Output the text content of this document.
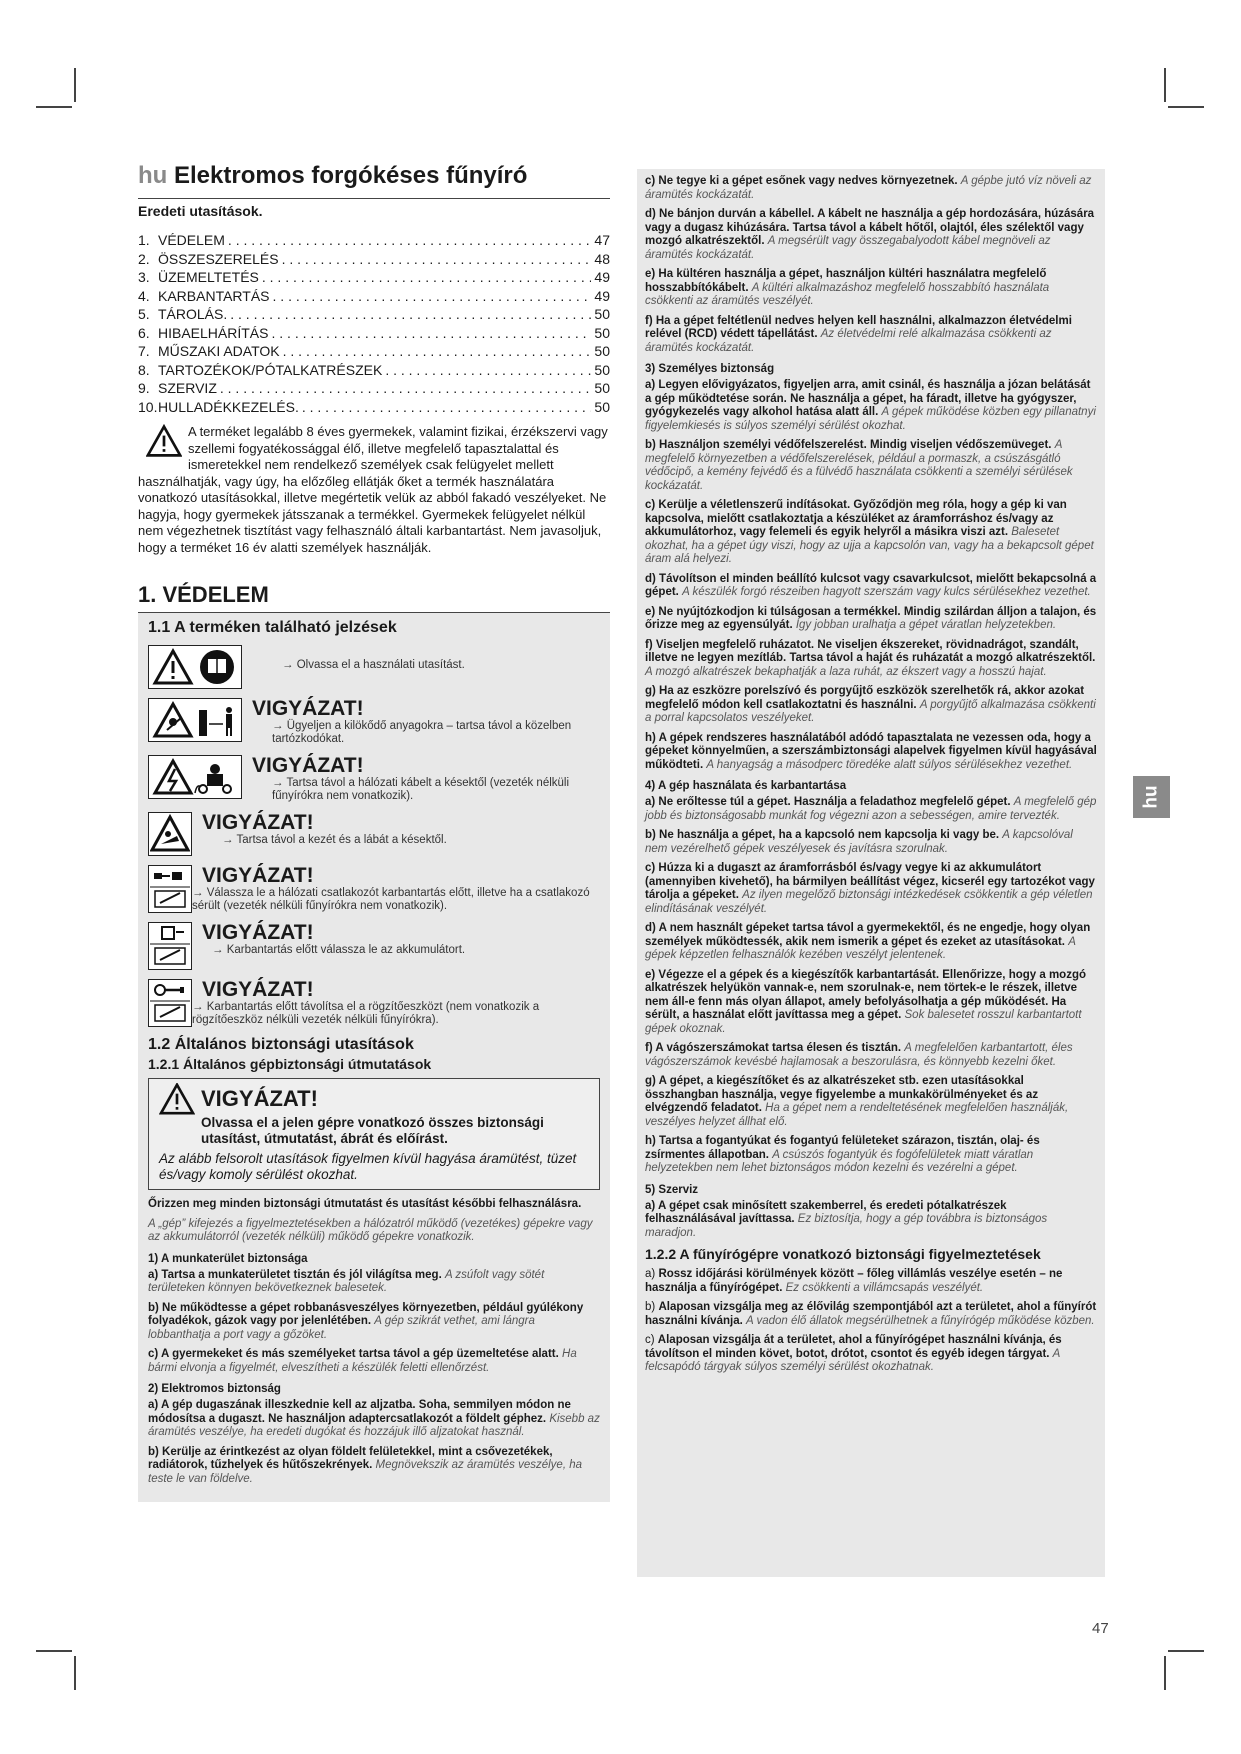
hu
47
hu Elektromos forgókéses fűnyíró
Eredeti utasítások.
1. VÉDELEM . . .	47
2. ÖSSZESZERELÉS . . .	48
3. ÜZEMELTETÉS . . .	49
4. KARBANTARTÁS . . .	49
5. TÁROLÁS. . . .	50
6. HIBAELHÁRÍTÁS . . .	50
7. MŰSZAKI ADATOK . . .	50
8. TARTOZÉKOK/PÓTALKATRÉSZEK . . .	50
9. SZERVIZ . . .	50
10. HULLADÉKKEZELÉS. . . .	50
A terméket legalább 8 éves gyermekek, valamint fizikai, érzékszervi vagy szellemi fogyatékossággal élő, illetve megfelelő tapasztalattal és ismeretekkel nem rendelkező személyek csak felügyelet mellett használhatják, vagy úgy, ha előzőleg ellátják őket a termék használatára vonatkozó utasításokkal, illetve megértetik velük az abból fakadó veszélyeket. Ne hagyja, hogy gyermekek játsszanak a termékkel. Gyermekek felügyelet nélkül nem végezhetnek tisztítást vagy felhasználó általi karbantartást. Nem javasoljuk, hogy a terméket 16 év alatti személyek használják.
1. VÉDELEM
1.1 A terméken található jelzések
→ Olvassa el a használati utasítást.
VIGYÁZAT!
→ Ügyeljen a kilökődő anyagokra – tartsa távol a közelben tartózkodókat.
VIGYÁZAT!
→ Tartsa távol a hálózati kábelt a késektől (vezeték nélküli fűnyírókra nem vonatkozik).
VIGYÁZAT!
→ Tartsa távol a kezét és a lábát a késektől.
VIGYÁZAT!
→ Válassza le a hálózati csatlakozót karbantartás előtt, illetve ha a csatlakozó sérült (vezeték nélküli fűnyírókra nem vonatkozik).
VIGYÁZAT!
→ Karbantartás előtt válassza le az akkumulátort.
VIGYÁZAT!
→ Karbantartás előtt távolítsa el a rögzítőeszközt (nem vonatkozik a rögzítőeszköz nélküli vezeték nélküli fűnyírókra).
1.2 Általános biztonsági utasítások
1.2.1 Általános gépbiztonsági útmutatások
VIGYÁZAT!
Olvassa el a jelen gépre vonatkozó összes biztonsági utasítást, útmutatást, ábrát és előírást.
Az alább felsorolt utasítások figyelmen kívül hagyása áramütést, tüzet és/vagy komoly sérülést okozhat.

Őrizzen meg minden biztonsági útmutatást és utasítást későbbi felhasználásra.

A „gép” kifejezés a figyelmeztetésekben a hálózatról működő (vezetékes) gépekre vagy az akkumulátorról (vezeték nélküli) működő gépekre vonatkozik.

1) A munkaterület biztonsága

a) Tartsa a munkaterületet tisztán és jól világítsa meg. A zsúfolt vagy sötét területeken könnyen bekövetkeznek balesetek.

b) Ne működtesse a gépet robbanásveszélyes környezetben, például gyúlékony folyadékok, gázok vagy por jelenlétében. A gép szikrát vethet, ami lángra lobbanthatja a port vagy a gőzöket.

c) A gyermekeket és más személyeket tartsa távol a gép üzemeltetése alatt. Ha bármi elvonja a figyelmét, elveszítheti a készülék feletti ellenőrzést.

2) Elektromos biztonság

a) A gép dugaszának illeszkednie kell az aljzatba. Soha, semmilyen módon ne módosítsa a dugaszt. Ne használjon adaptercsatlakozót a földelt géphez. Kisebb az áramütés veszélye, ha eredeti dugókat és hozzájuk illő aljzatokat használ.

b) Kerülje az érintkezést az olyan földelt felületekkel, mint a csővezetékek, radiátorok, tűzhelyek és hűtőszekrények. Megnövekszik az áramütés veszélye, ha teste le van földelve.

c) Ne tegye ki a gépet esőnek vagy nedves környezetnek. A gépbe jutó víz növeli az áramütés kockázatát.

d) Ne bánjon durván a kábellel. A kábelt ne használja a gép hordozására, húzására vagy a dugasz kihúzására. Tartsa távol a kábelt hőtől, olajtól, éles szélektől vagy mozgó alkatrészektől. A megsérült vagy összegabalyodott kábel megnöveli az áramütés kockázatát.

e) Ha kültéren használja a gépet, használjon kültéri használatra megfelelő hosszabbítókábelt. A kültéri alkalmazáshoz megfelelő hosszabbító használata csökkenti az áramütés veszélyét.

f) Ha a gépet feltétlenül nedves helyen kell használni, alkalmazzon életvédelmi relével (RCD) védett tápellátást. Az életvédelmi relé alkalmazása csökkenti az áramütés kockázatát.

3) Személyes biztonság

a) Legyen elővigyázatos, figyeljen arra, amit csinál, és használja a józan belátását a gép működtetése során. Ne használja a gépet, ha fáradt, illetve ha gyógyszer, gyógykezelés vagy alkohol hatása alatt áll. A gépek működése közben egy pillanatnyi figyelemkiesés is súlyos személyi sérülést okozhat.

b) Használjon személyi védőfelszerelést. Mindig viseljen védőszemüveget. A megfelelő környezetben a védőfelszerelések, például a pormaszk, a csúszásgátló védőcipő, a kemény fejvédő és a fülvédő használata csökkenti a személyi sérülések kockázatát.

c) Kerülje a véletlenszerű indításokat. Győződjön meg róla, hogy a gép ki van kapcsolva, mielőtt csatlakoztatja a készüléket az áramforráshoz és/vagy az akkumulátorhoz, vagy felemeli és egyik helyről a másikra viszi azt. Balesetet okozhat, ha a gépet úgy viszi, hogy az ujja a kapcsolón van, vagy ha a bekapcsolt gépet áram alá helyezi.

d) Távolítson el minden beállító kulcsot vagy csavarkulcsot, mielőtt bekapcsolná a gépet. A készülék forgó részeiben hagyott szerszám vagy kulcs sérülésekhez vezethet.

e) Ne nyújtózkodjon ki túlságosan a termékkel. Mindig szilárdan álljon a talajon, és őrizze meg az egyensúlyát. Így jobban uralhatja a gépet váratlan helyzetekben.

f) Viseljen megfelelő ruházatot. Ne viseljen ékszereket, rövidnadrágot, szandált, illetve ne legyen mezítláb. Tartsa távol a haját és ruházatát a mozgó alkatrészektől. A mozgó alkatrészek bekaphatják a laza ruhát, az ékszert vagy a hosszú hajat.

g) Ha az eszközre porelszívó és porgyűjtő eszközök szerelhetők rá, akkor azokat megfelelő módon kell csatlakoztatni és használni. A porgyűjtő alkalmazása csökkenti a porral kapcsolatos veszélyeket.

h) A gépek rendszeres használatából adódó tapasztalata ne vezessen oda, hogy a gépeket könnyelműen, a szerszámbiztonsági alapelvek figyelmen kívül hagyásával működteti. A hanyagság a másodperc töredéke alatt súlyos sérülésekhez vezethet.

4) A gép használata és karbantartása

a) Ne erőltesse túl a gépet. Használja a feladathoz megfelelő gépet. A megfelelő gép jobb és biztonságosabb munkát fog végezni azon a sebességen, amire tervezték.

b) Ne használja a gépet, ha a kapcsoló nem kapcsolja ki vagy be. A kapcsolóval nem vezérelhető gépek veszélyesek és javításra szorulnak.

c) Húzza ki a dugaszt az áramforrásból és/vagy vegye ki az akkumulátort (amennyiben kivehető), ha bármilyen beállítást végez, kicserél egy tartozékot vagy tárolja a gépeket. Az ilyen megelőző biztonsági intézkedések csökkentik a gép véletlen elindításának veszélyét.

d) A nem használt gépeket tartsa távol a gyermekektől, és ne engedje, hogy olyan személyek működtessék, akik nem ismerik a gépet és ezeket az utasításokat. A gépek képzetlen felhasználók kezében veszélyt jelentenek.

e) Végezze el a gépek és a kiegészítők karbantartását. Ellenőrizze, hogy a mozgó alkatrészek helyükön vannak-e, nem szorulnak-e, nem törtek-e le részek, illetve nem áll-e fenn más olyan állapot, amely befolyásolhatja a gép működését. Ha sérült, a használat előtt javíttassa meg a gépet. Sok balesetet rosszul karbantartott gépek okoznak.

f) A vágószerszámokat tartsa élesen és tisztán. A megfelelően karbantartott, éles vágószerszámok kevésbé hajlamosak a beszorulásra, és könnyebb kezelni őket.

g) A gépet, a kiegészítőket és az alkatrészeket stb. ezen utasításokkal összhangban használja, vegye figyelembe a munkakörülményeket és az elvégzendő feladatot. Ha a gépet nem a rendeltetésének megfelelően használják, veszélyes helyzet állhat elő.

h) Tartsa a fogantyúkat és fogantyú felületeket szárazon, tisztán, olaj- és zsírmentes állapotban. A csúszós fogantyúk és fogófelületek miatt váratlan helyzetekben nem lehet biztonságos módon kezelni és vezérelni a gépet.

5) Szerviz

a) A gépet csak minősített szakemberrel, és eredeti pótalkatrészek felhasználásával javíttassa. Ez biztosítja, hogy a gép továbbra is biztonságos maradjon.

1.2.2 A fűnyírógépre vonatkozó biztonsági figyelmeztetések

a) Rossz időjárási körülmények között – főleg villámlás veszélye esetén – ne használja a fűnyírógépet. Ez csökkenti a villámcsapás veszélyét.

b) Alaposan vizsgálja meg az élővilág szempontjából azt a területet, ahol a fűnyírót használni kívánja. A vadon élő állatok megsérülhetnek a fűnyírógép működése közben.

c) Alaposan vizsgálja át a területet, ahol a fűnyírógépet használni kívánja, és távolítson el minden követ, botot, drótot, csontot és egyéb idegen tárgyat. A felcsapódó tárgyak súlyos személyi sérülést okozhatnak.
